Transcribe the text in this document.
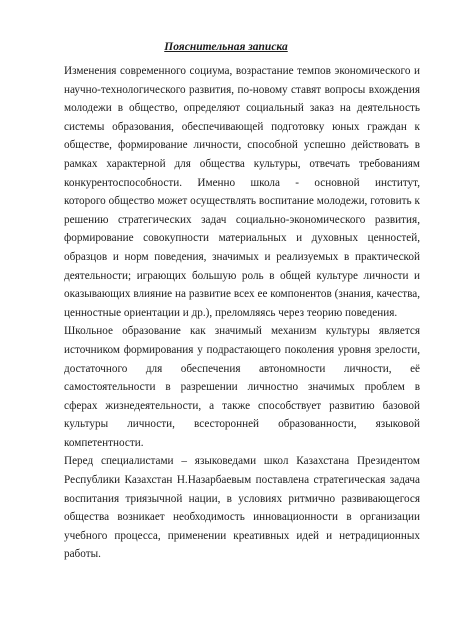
Пояснительная записка
Изменения современного социума, возрастание темпов экономического и
научно-технологического развития, по-новому ставят вопросы вхождения
молодежи в общество, определяют социальный заказ на деятельность
системы образования, обеспечивающей подготовку юных граждан к
обществе, формирование личности, способной успешно действовать в
рамках характерной для общества культуры, отвечать требованиям
конкурентоспособности. Именно школа - основной институт,
которого общество может осуществлять воспитание молодежи, готовить к
решению стратегических задач социально-экономического развития,
формирование совокупности материальных и духовных ценностей,
образцов и норм поведения, значимых и реализуемых в практической
деятельности; играющих большую роль в общей культуре личности и
оказывающих влияние на развитие всех ее компонентов (знания, качества,
ценностные ориентации и др.), преломляясь через теорию поведения.
Школьное образование как значимый механизм культуры является
источником формирования у подрастающего поколения уровня зрелости,
достаточного для обеспечения автономности личности, её
самостоятельности в разрешении личностно значимых проблем в
сферах жизнедеятельности, а также способствует развитию базовой
культуры личности, всесторонней образованности, языковой
компетентности.
Перед специалистами – языковедами школ Казахстана Президентом
Республики Казахстан Н.Назарбаевым поставлена стратегическая задача
воспитания триязычной нации, в условиях ритмично развивающегося
общества возникает необходимость инновационности в организации
учебного процесса, применении креативных идей и нетрадиционных
работы.
